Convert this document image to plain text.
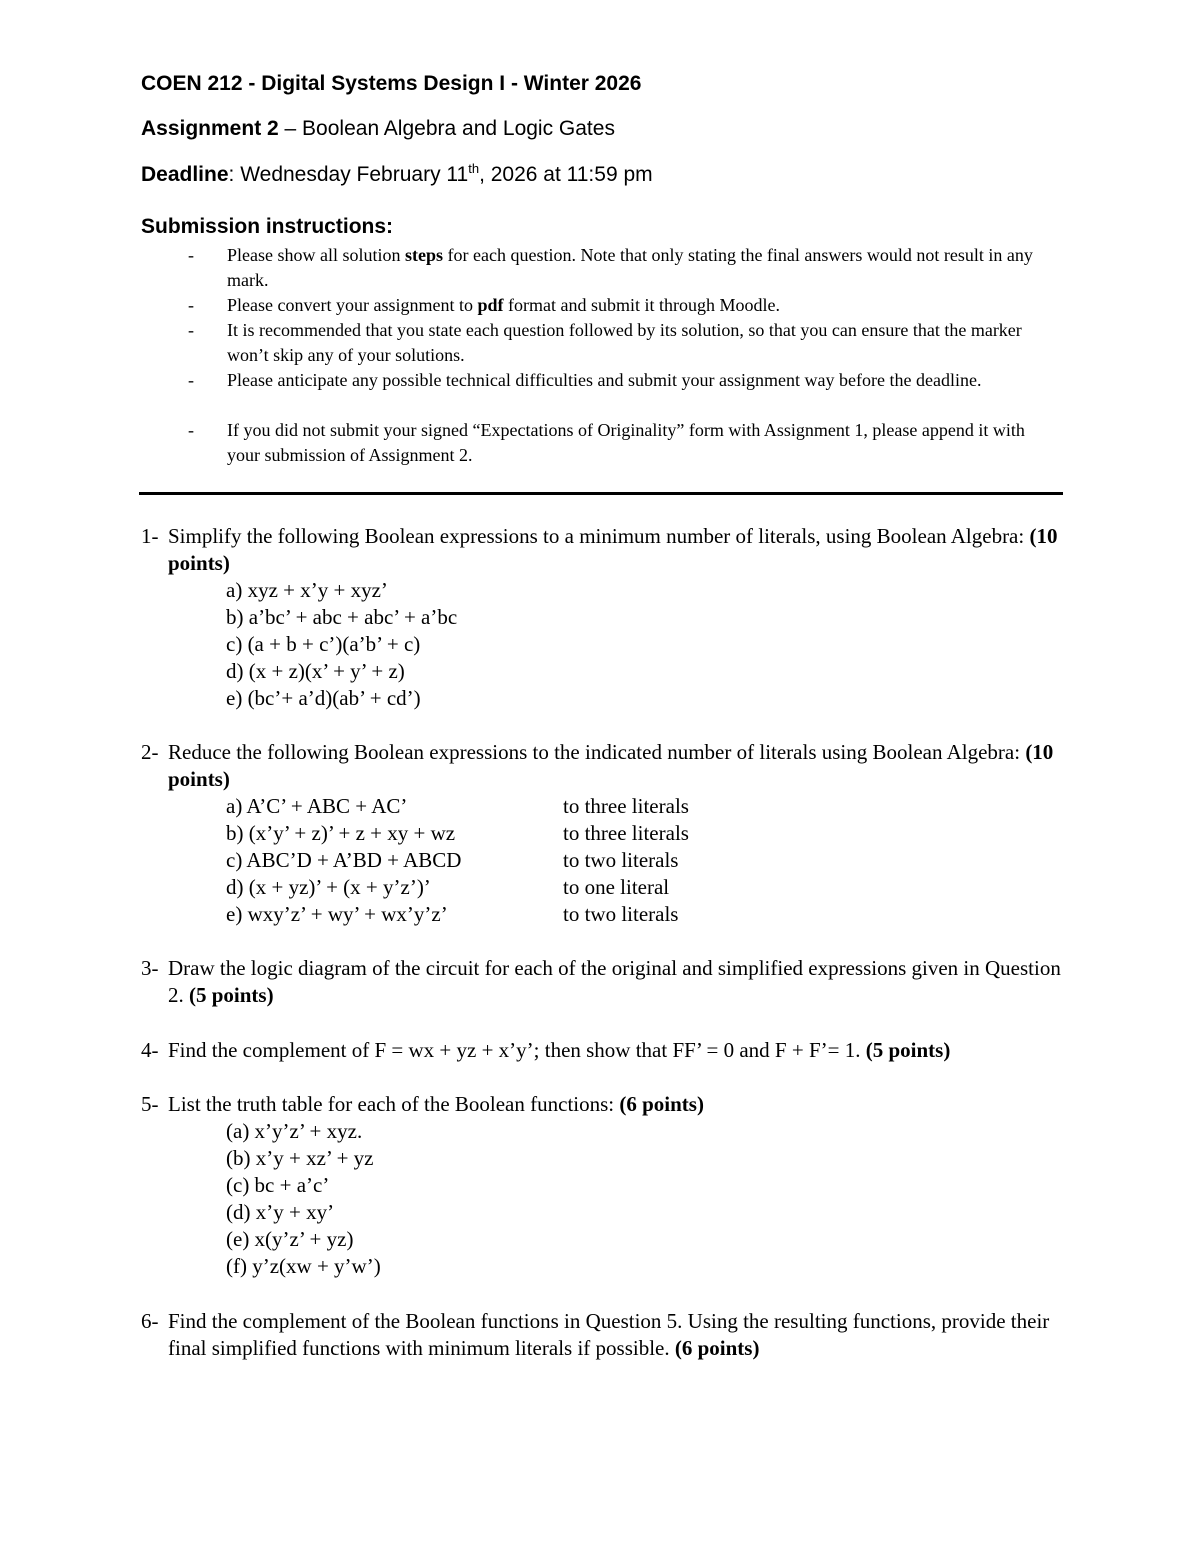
COEN 212 - Digital Systems Design I - Winter 2026
Assignment 2 – Boolean Algebra and Logic Gates
Deadline: Wednesday February 11th, 2026 at 11:59 pm
Submission instructions:
- Please show all solution steps for each question. Note that only stating the final answers would not result in any mark.
- Please convert your assignment to pdf format and submit it through Moodle.
- It is recommended that you state each question followed by its solution, so that you can ensure that the marker won’t skip any of your solutions.
- Please anticipate any possible technical difficulties and submit your assignment way before the deadline.
- If you did not submit your signed “Expectations of Originality” form with Assignment 1, please append it with your submission of Assignment 2.
1- Simplify the following Boolean expressions to a minimum number of literals, using Boolean Algebra: (10 points)
a) xyz + x’y + xyz’
b) a’bc’ + abc + abc’ + a’bc
c) (a + b + c’)(a’b’ + c)
d) (x + z)(x’ + y’ + z)
e) (bc’+ a’d)(ab’ + cd’)
2- Reduce the following Boolean expressions to the indicated number of literals using Boolean Algebra: (10 points)
a) A’C’ + ABC + AC’	to three literals
b) (x’y’ + z)’ + z + xy + wz	to three literals
c) ABC’D + A’BD + ABCD	to two literals
d) (x + yz)’ + (x + y’z’)’	to one literal
e) wxy’z’ + wy’ + wx’y’z’	to two literals
3- Draw the logic diagram of the circuit for each of the original and simplified expressions given in Question 2. (5 points)
4- Find the complement of F = wx + yz + x’y’; then show that FF’ = 0 and F + F’= 1. (5 points)
5- List the truth table for each of the Boolean functions: (6 points)
(a) x’y’z’ + xyz.
(b) x’y + xz’ + yz
(c) bc + a’c’
(d) x’y + xy’
(e) x(y’z’ + yz)
(f) y’z(xw + y’w’)
6- Find the complement of the Boolean functions in Question 5. Using the resulting functions, provide their final simplified functions with minimum literals if possible. (6 points)
